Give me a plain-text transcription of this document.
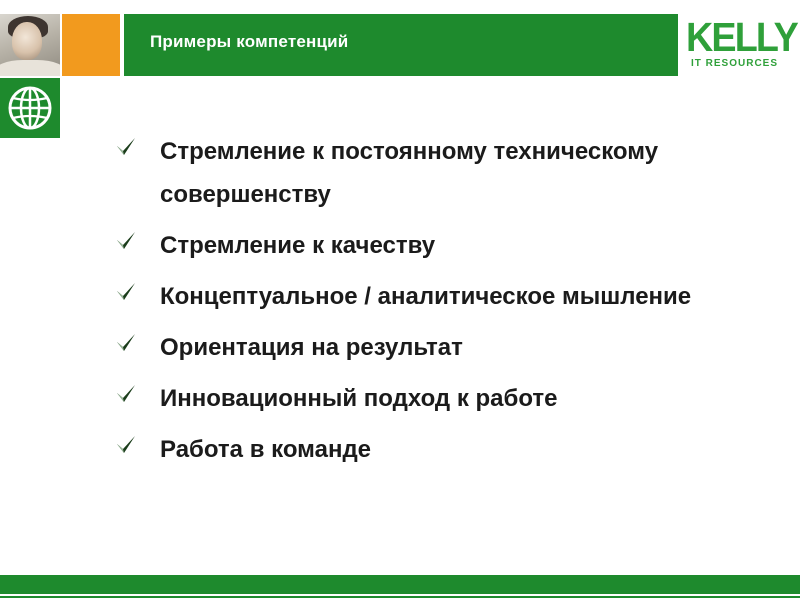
Примеры компетенций	KELLY
IT RESOURCES
Стремление к постоянному техническому совершенству
Стремление к качеству
Концептуальное / аналитическое мышление
Ориентация на результат
Инновационный подход к работе
Работа в команде
